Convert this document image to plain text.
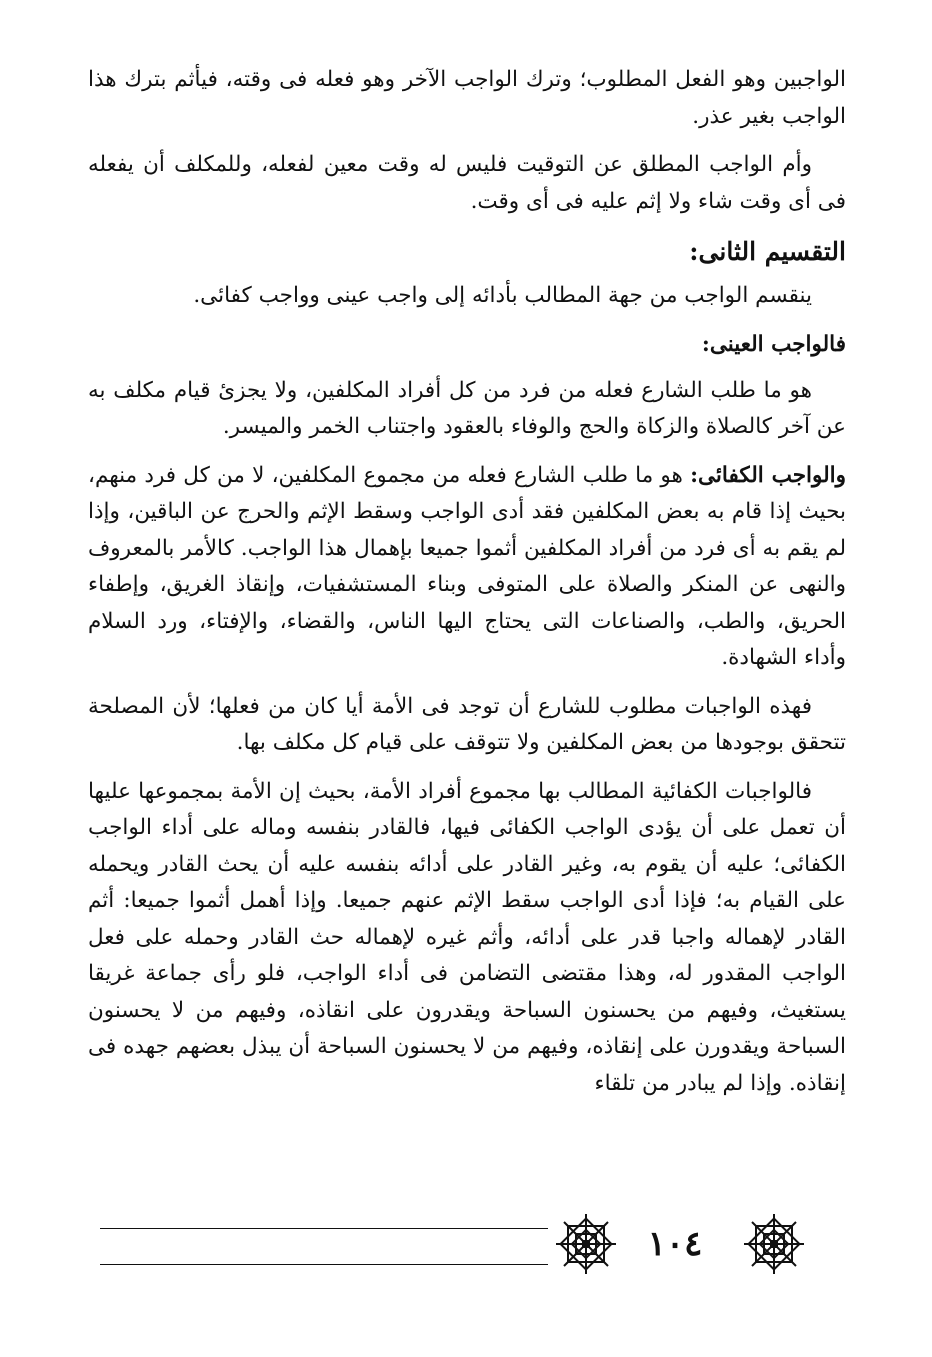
الواجبين وهو الفعل المطلوب؛ وترك الواجب الآخر وهو فعله فى وقته، فيأثم بترك هذا الواجب بغير عذر.

وأم الواجب المطلق عن التوقيت فليس له وقت معين لفعله، وللمكلف أن يفعله فى أى وقت شاء ولا إثم عليه فى أى وقت.

التقسيم الثانى:

ينقسم الواجب من جهة المطالب بأدائه إلى واجب عينى وواجب كفائى.

فالواجب العينى:

هو ما طلب الشارع فعله من فرد من كل أفراد المكلفين، ولا يجزئ قيام مكلف به عن آخر كالصلاة والزكاة والحج والوفاء بالعقود واجتناب الخمر والميسر.

والواجب الكفائى: هو ما طلب الشارع فعله من مجموع المكلفين، لا من كل فرد منهم، بحيث إذا قام به بعض المكلفين فقد أدى الواجب وسقط الإثم والحرج عن الباقين، وإذا لم يقم به أى فرد من أفراد المكلفين أثموا جميعا بإهمال هذا الواجب. كالأمر بالمعروف والنهى عن المنكر والصلاة على المتوفى وبناء المستشفيات، وإنقاذ الغريق، وإطفاء الحريق، والطب، والصناعات التى يحتاج اليها الناس، والقضاء، والإفتاء، ورد السلام وأداء الشهادة.

فهذه الواجبات مطلوب للشارع أن توجد فى الأمة أيا كان من فعلها؛ لأن المصلحة تتحقق بوجودها من بعض المكلفين ولا تتوقف على قيام كل مكلف بها.

فالواجبات الكفائية المطالب بها مجموع أفراد الأمة، بحيث إن الأمة بمجموعها عليها أن تعمل على أن يؤدى الواجب الكفائى فيها، فالقادر بنفسه وماله على أداء الواجب الكفائى؛ عليه أن يقوم به، وغير القادر على أدائه بنفسه عليه أن يحث القادر ويحمله على القيام به؛ فإذا أدى الواجب سقط الإثم عنهم جميعا. وإذا أهمل أثموا جميعا: أثم القادر لإهماله واجبا قدر على أدائه، وأثم غيره لإهماله حث القادر وحمله على فعل الواجب المقدور له، وهذا مقتضى التضامن فى أداء الواجب، فلو رأى جماعة غريقا يستغيث، وفيهم من يحسنون السباحة ويقدرون على انقاذه، وفيهم من لا يحسنون السباحة ويقدورن على إنقاذه، وفيهم من لا يحسنون السباحة أن يبذل بعضهم جهده فى إنقاذه. وإذا لم يبادر من تلقاء

١٠٤
